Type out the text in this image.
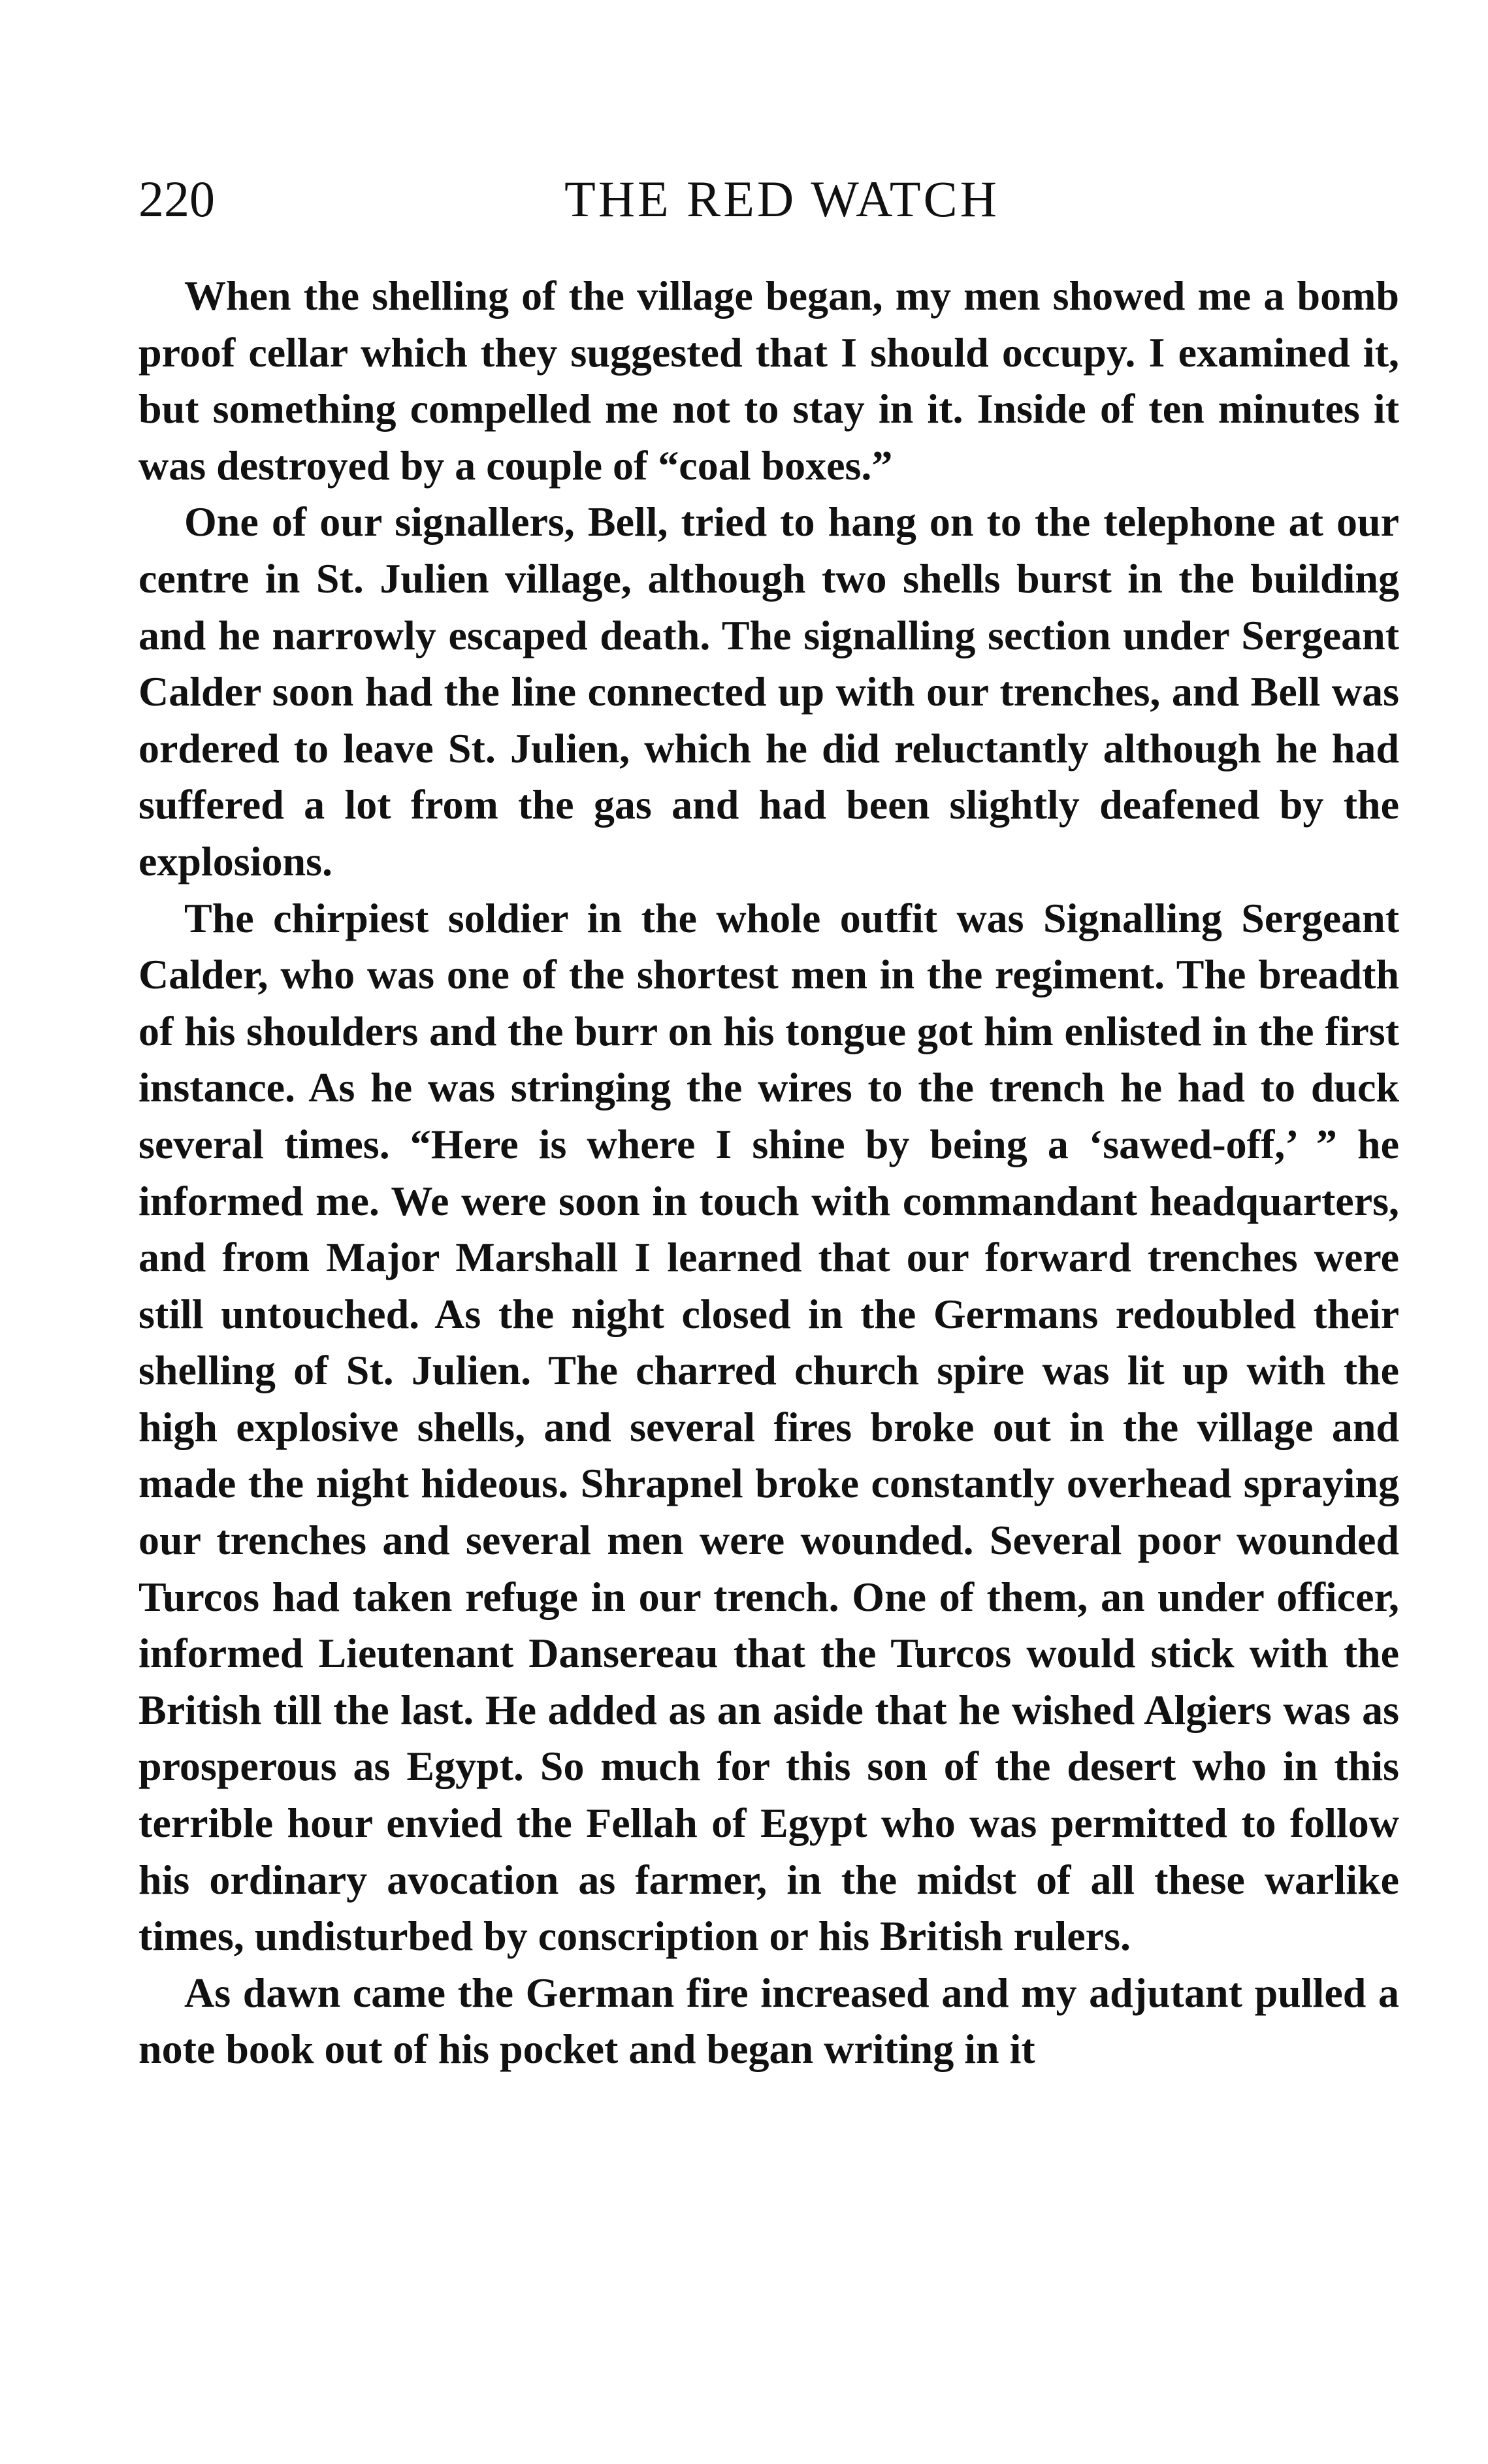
220	THE RED WATCH

When the shelling of the village began, my men showed me a bomb proof cellar which they suggested that I should occupy. I examined it, but something compelled me not to stay in it. Inside of ten minutes it was destroyed by a couple of “coal boxes.”

One of our signallers, Bell, tried to hang on to the telephone at our centre in St. Julien village, although two shells burst in the building and he narrowly escaped death. The signalling section under Sergeant Calder soon had the line connected up with our trenches, and Bell was ordered to leave St. Julien, which he did reluctantly although he had suffered a lot from the gas and had been slightly deafened by the explosions.

The chirpiest soldier in the whole outfit was Signalling Sergeant Calder, who was one of the shortest men in the regiment. The breadth of his shoulders and the burr on his tongue got him enlisted in the first instance. As he was stringing the wires to the trench he had to duck several times. “Here is where I shine by being a ‘sawed-off,’ ” he informed me. We were soon in touch with commandant headquarters, and from Major Marshall I learned that our forward trenches were still untouched. As the night closed in the Germans redoubled their shelling of St. Julien. The charred church spire was lit up with the high explosive shells, and several fires broke out in the village and made the night hideous. Shrapnel broke constantly overhead spraying our trenches and several men were wounded. Several poor wounded Turcos had taken refuge in our trench. One of them, an under officer, informed Lieutenant Dansereau that the Turcos would stick with the British till the last. He added as an aside that he wished Algiers was as prosperous as Egypt. So much for this son of the desert who in this terrible hour envied the Fellah of Egypt who was permitted to follow his ordinary avocation as farmer, in the midst of all these warlike times, undisturbed by conscription or his British rulers.

As dawn came the German fire increased and my adjutant pulled a note book out of his pocket and began writing in it
